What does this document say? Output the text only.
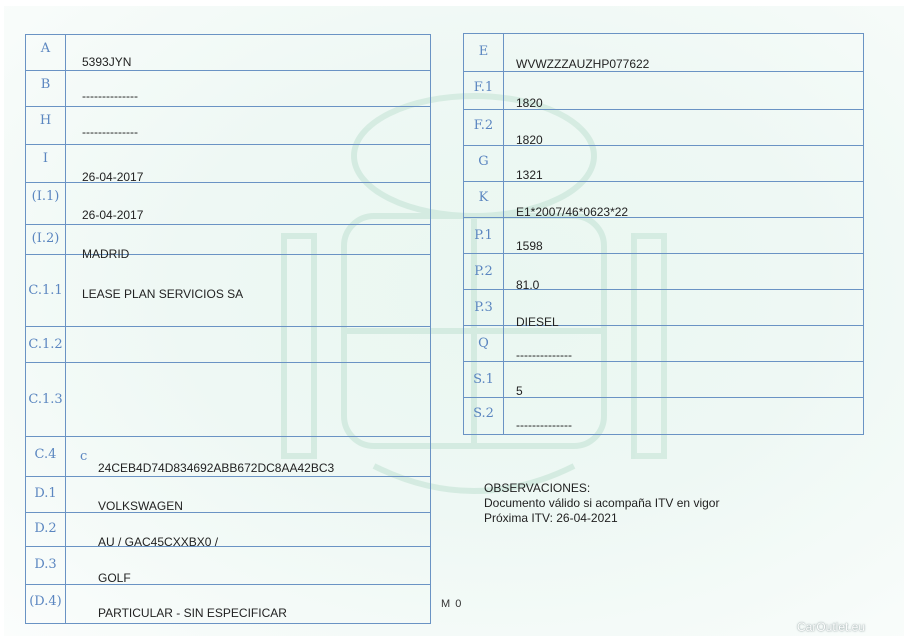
A
5393JYN
B
--------------
H
--------------
I
26-04-2017
(I.1)
26-04-2017
(I.2)
MADRID
C.1.1 LEASE PLAN SERVICIOS SA
C.1.2
C.1.3
C.4	c
24CEB4D74D834692ABB672DC8AA42BC3
D.1
VOLKSWAGEN
D.2
AU / GAC45CXXBX0 /
D.3
GOLF
(D.4)
PARTICULAR - SIN ESPECIFICAR
E
WVWZZZAUZHP077622
F.1
1820
F.2
1820
G
1321
K
E1*2007/46*0623*22
P.1
1598
P.2
81.0
P.3
DIESEL
Q
--------------
S.1
5
S.2
--------------
OBSERVACIONES:
Documento válido si acompaña ITV en vigor
Próxima ITV: 26-04-2021
M 0
CarOutlet.eu
